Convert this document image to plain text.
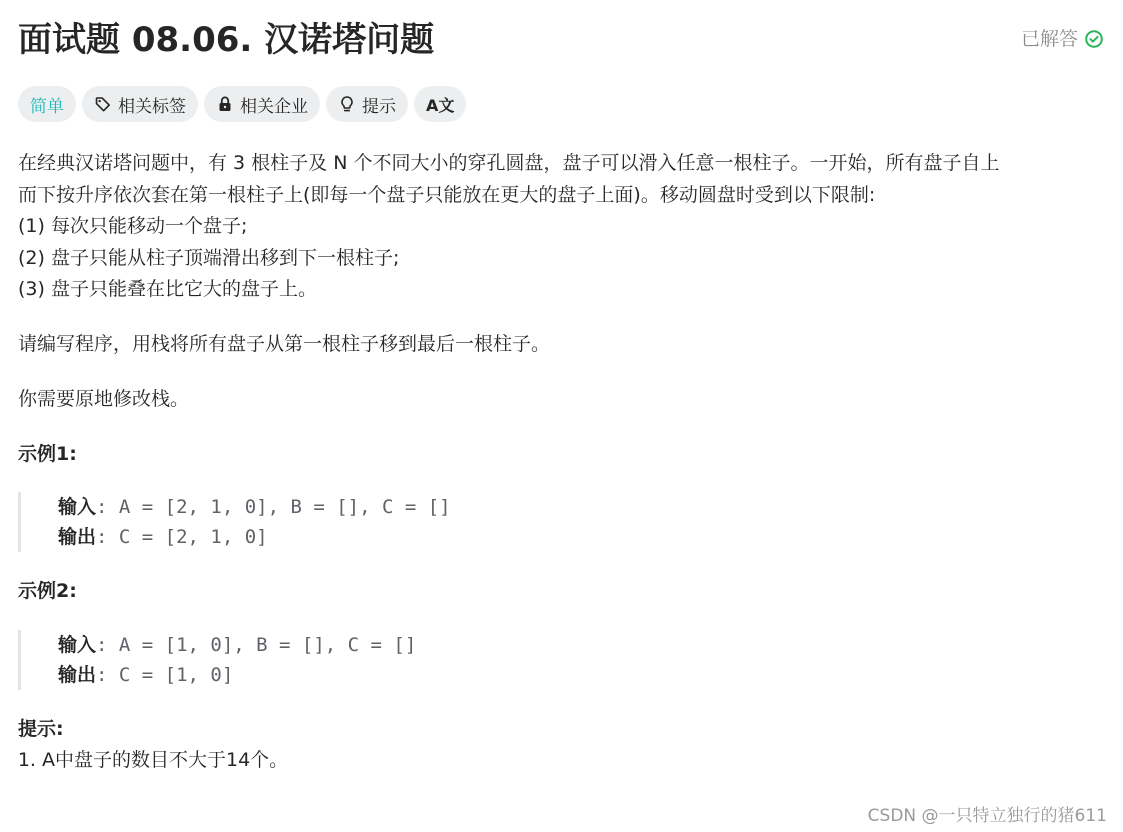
面试题 08.06. 汉诺塔问题	已解答
简单	相关标签	相关企业	提示 A文

在经典汉诺塔问题中，有 3 根柱子及 N 个不同大小的穿孔圆盘，盘子可以滑入任意一根柱子。一开始，所有盘子自上

而下按升序依次套在第一根柱子上(即每一个盘子只能放在更大的盘子上面)。移动圆盘时受到以下限制:

(1) 每次只能移动一个盘子;

(2) 盘子只能从柱子顶端滑出移到下一根柱子;

(3) 盘子只能叠在比它大的盘子上。

请编写程序，用栈将所有盘子从第一根柱子移到最后一根柱子。

你需要原地修改栈。

示例1:

输入: A = [2, 1, 0], B = [], C = []
输出: C = [2, 1, 0]

示例2:

输入: A = [1, 0], B = [], C = []
输出: C = [1, 0]

提示:

1. A中盘子的数目不大于14个。
CSDN @一只特立独行的猪611
